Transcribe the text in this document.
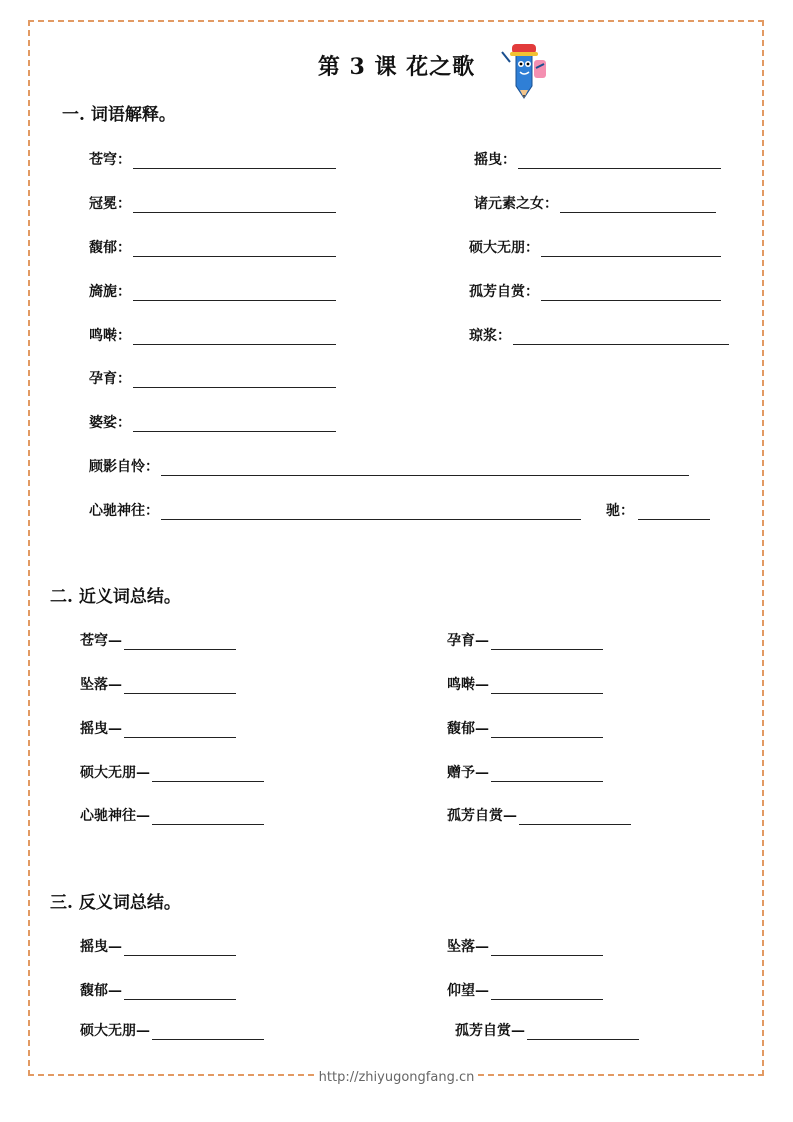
第 3 课 花之歌
一. 词语解释。
苍穹：
冠冕：
馥郁：
旖旎：
鸣啭：
孕育：
婆娑：
摇曳：
诸元素之女：
硕大无朋：
孤芳自赏：
琼浆：
顾影自怜：
心驰神往：	驰：
二. 近义词总结。
苍穹—
坠落—
摇曳—
硕大无朋—
心驰神往—
孕育—
鸣啭—
馥郁—
赠予—
孤芳自赏—
三. 反义词总结。
摇曳—
馥郁—
硕大无朋—
坠落—
仰望—
孤芳自赏—
http://zhiyugongfang.cn
